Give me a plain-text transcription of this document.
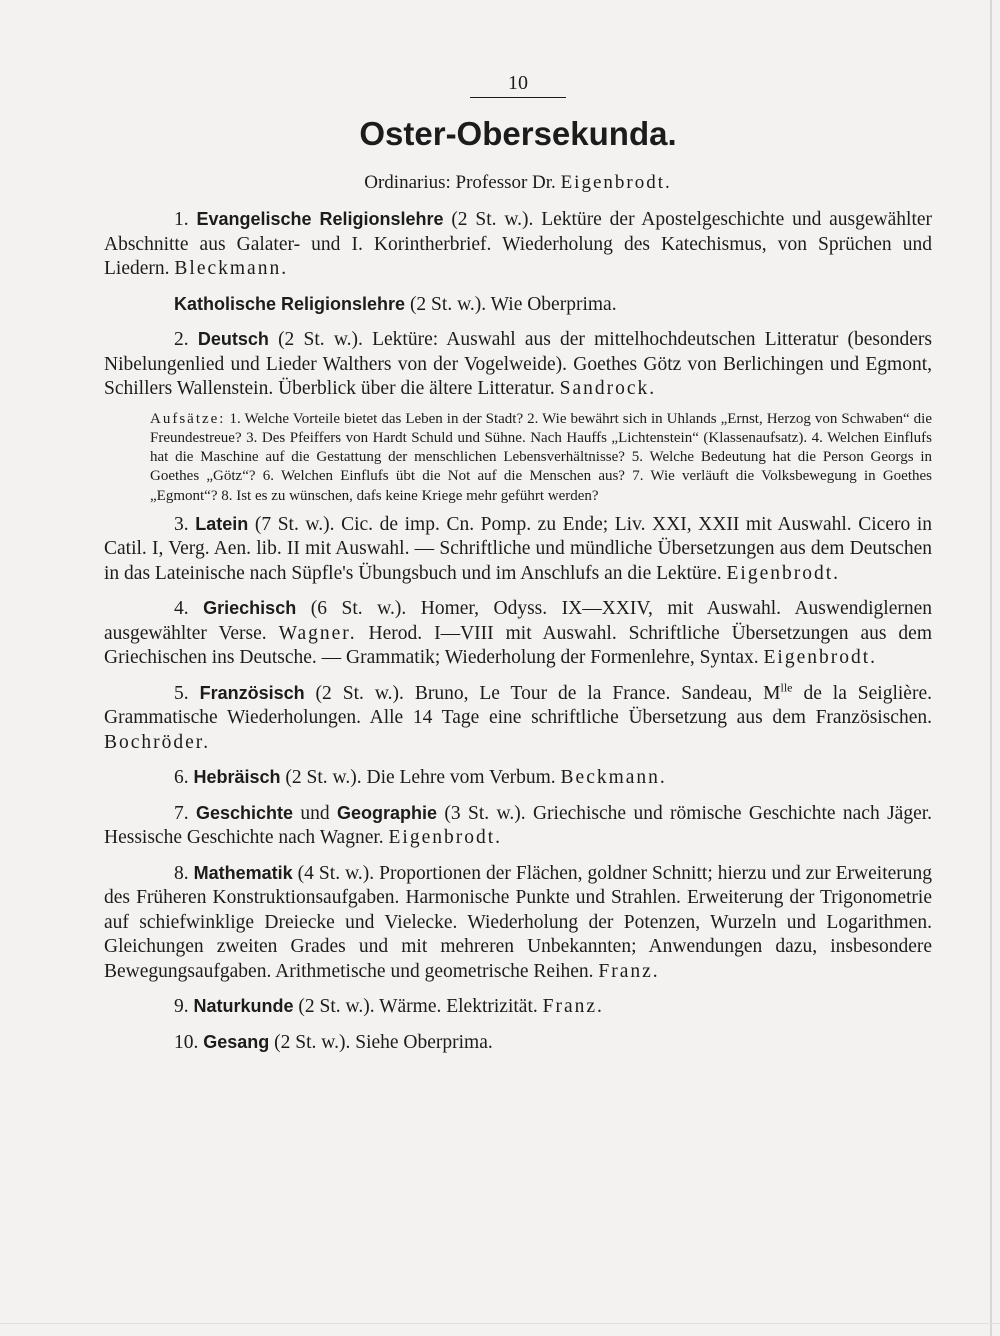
10
Oster-Obersekunda.
Ordinarius: Professor Dr. Eigenbrodt.

1. Evangelische Religionslehre (2 St. w.). Lektüre der Apostelgeschichte und ausgewählter Abschnitte aus Galater- und I. Korintherbrief. Wiederholung des Katechismus, von Sprüchen und Liedern. Bleckmann.

Katholische Religionslehre (2 St. w.). Wie Oberprima.

2. Deutsch (2 St. w.). Lektüre: Auswahl aus der mittelhochdeutschen Litteratur (besonders Nibelungenlied und Lieder Walthers von der Vogelweide). Goethes Götz von Berlichingen und Egmont, Schillers Wallenstein. Überblick über die ältere Litteratur. Sandrock.

Aufsätze: 1. Welche Vorteile bietet das Leben in der Stadt? 2. Wie bewährt sich in Uhlands „Ernst, Herzog von Schwaben“ die Freundestreue? 3. Des Pfeiffers von Hardt Schuld und Sühne. Nach Hauffs „Lichtenstein“ (Klassenaufsatz). 4. Welchen Einflufs hat die Maschine auf die Gestattung der menschlichen Lebensverhältnisse? 5. Welche Bedeutung hat die Person Georgs in Goethes „Götz“? 6. Welchen Einflufs übt die Not auf die Menschen aus? 7. Wie verläuft die Volksbewegung in Goethes „Egmont“? 8. Ist es zu wünschen, dafs keine Kriege mehr geführt werden?

3. Latein (7 St. w.). Cic. de imp. Cn. Pomp. zu Ende; Liv. XXI, XXII mit Auswahl. Cicero in Catil. I, Verg. Aen. lib. II mit Auswahl. — Schriftliche und mündliche Übersetzungen aus dem Deutschen in das Lateinische nach Süpfle's Übungsbuch und im Anschlufs an die Lektüre. Eigenbrodt.

4. Griechisch (6 St. w.). Homer, Odyss. IX—XXIV, mit Auswahl. Auswendiglernen ausgewählter Verse. Wagner. Herod. I—VIII mit Auswahl. Schriftliche Übersetzungen aus dem Griechischen ins Deutsche. — Grammatik; Wiederholung der Formenlehre, Syntax. Eigenbrodt.

5. Französisch (2 St. w.). Bruno, Le Tour de la France. Sandeau, $M^{lle}$ de la Seiglière. Grammatische Wiederholungen. Alle 14 Tage eine schriftliche Übersetzung aus dem Französischen. Bochröder.

6. Hebräisch (2 St. w.). Die Lehre vom Verbum. Beckmann.

7. Geschichte und Geographie (3 St. w.). Griechische und römische Geschichte nach Jäger. Hessische Geschichte nach Wagner. Eigenbrodt.

8. Mathematik (4 St. w.). Proportionen der Flächen, goldner Schnitt; hierzu und zur Erweiterung des Früheren Konstruktionsaufgaben. Harmonische Punkte und Strahlen. Erweiterung der Trigonometrie auf schiefwinklige Dreiecke und Vielecke. Wiederholung der Potenzen, Wurzeln und Logarithmen. Gleichungen zweiten Grades und mit mehreren Unbekannten; Anwendungen dazu, insbesondere Bewegungsaufgaben. Arithmetische und geometrische Reihen. Franz.

9. Naturkunde (2 St. w.). Wärme. Elektrizität. Franz.

10. Gesang (2 St. w.). Siehe Oberprima.
